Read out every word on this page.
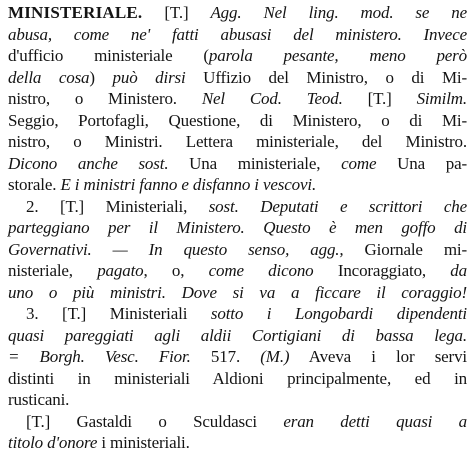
MINISTERIALE. [T.] Agg. Nel ling. mod. se ne
abusa, come ne' fatti abusasi del ministero. Invece
d'ufficio ministeriale (parola pesante, meno però
della cosa) può dirsi Uffizio del Ministro, o di Mi-
nistro, o Ministero. Nel Cod. Teod. [T.] Similm.
Seggio, Portofagli, Questione, di Ministero, o di Mi-
nistro, o Ministri. Lettera ministeriale, del Ministro.
Dicono anche sost. Una ministeriale, come Una pa-
storale. E i ministri fanno e disfanno i vescovi.
2. [T.] Ministeriali, sost. Deputati e scrittori che
parteggiano per il Ministero. Questo è men goffo di
Governativi. — In questo senso, agg., Giornale mi-
nisteriale, pagato, o, come dicono Incoraggiato, da
uno o più ministri. Dove si va a ficcare il coraggio!
3. [T.] Ministeriali sotto i Longobardi dipendenti
quasi pareggiati agli aldii Cortigiani di bassa lega.
= Borgh. Vesc. Fior. 517. (M.) Aveva i lor servi
distinti in ministeriali Aldioni principalmente, ed in
rusticani.
[T.] Gastaldi o Sculdasci eran detti quasi a
titolo d'onore i ministeriali.
